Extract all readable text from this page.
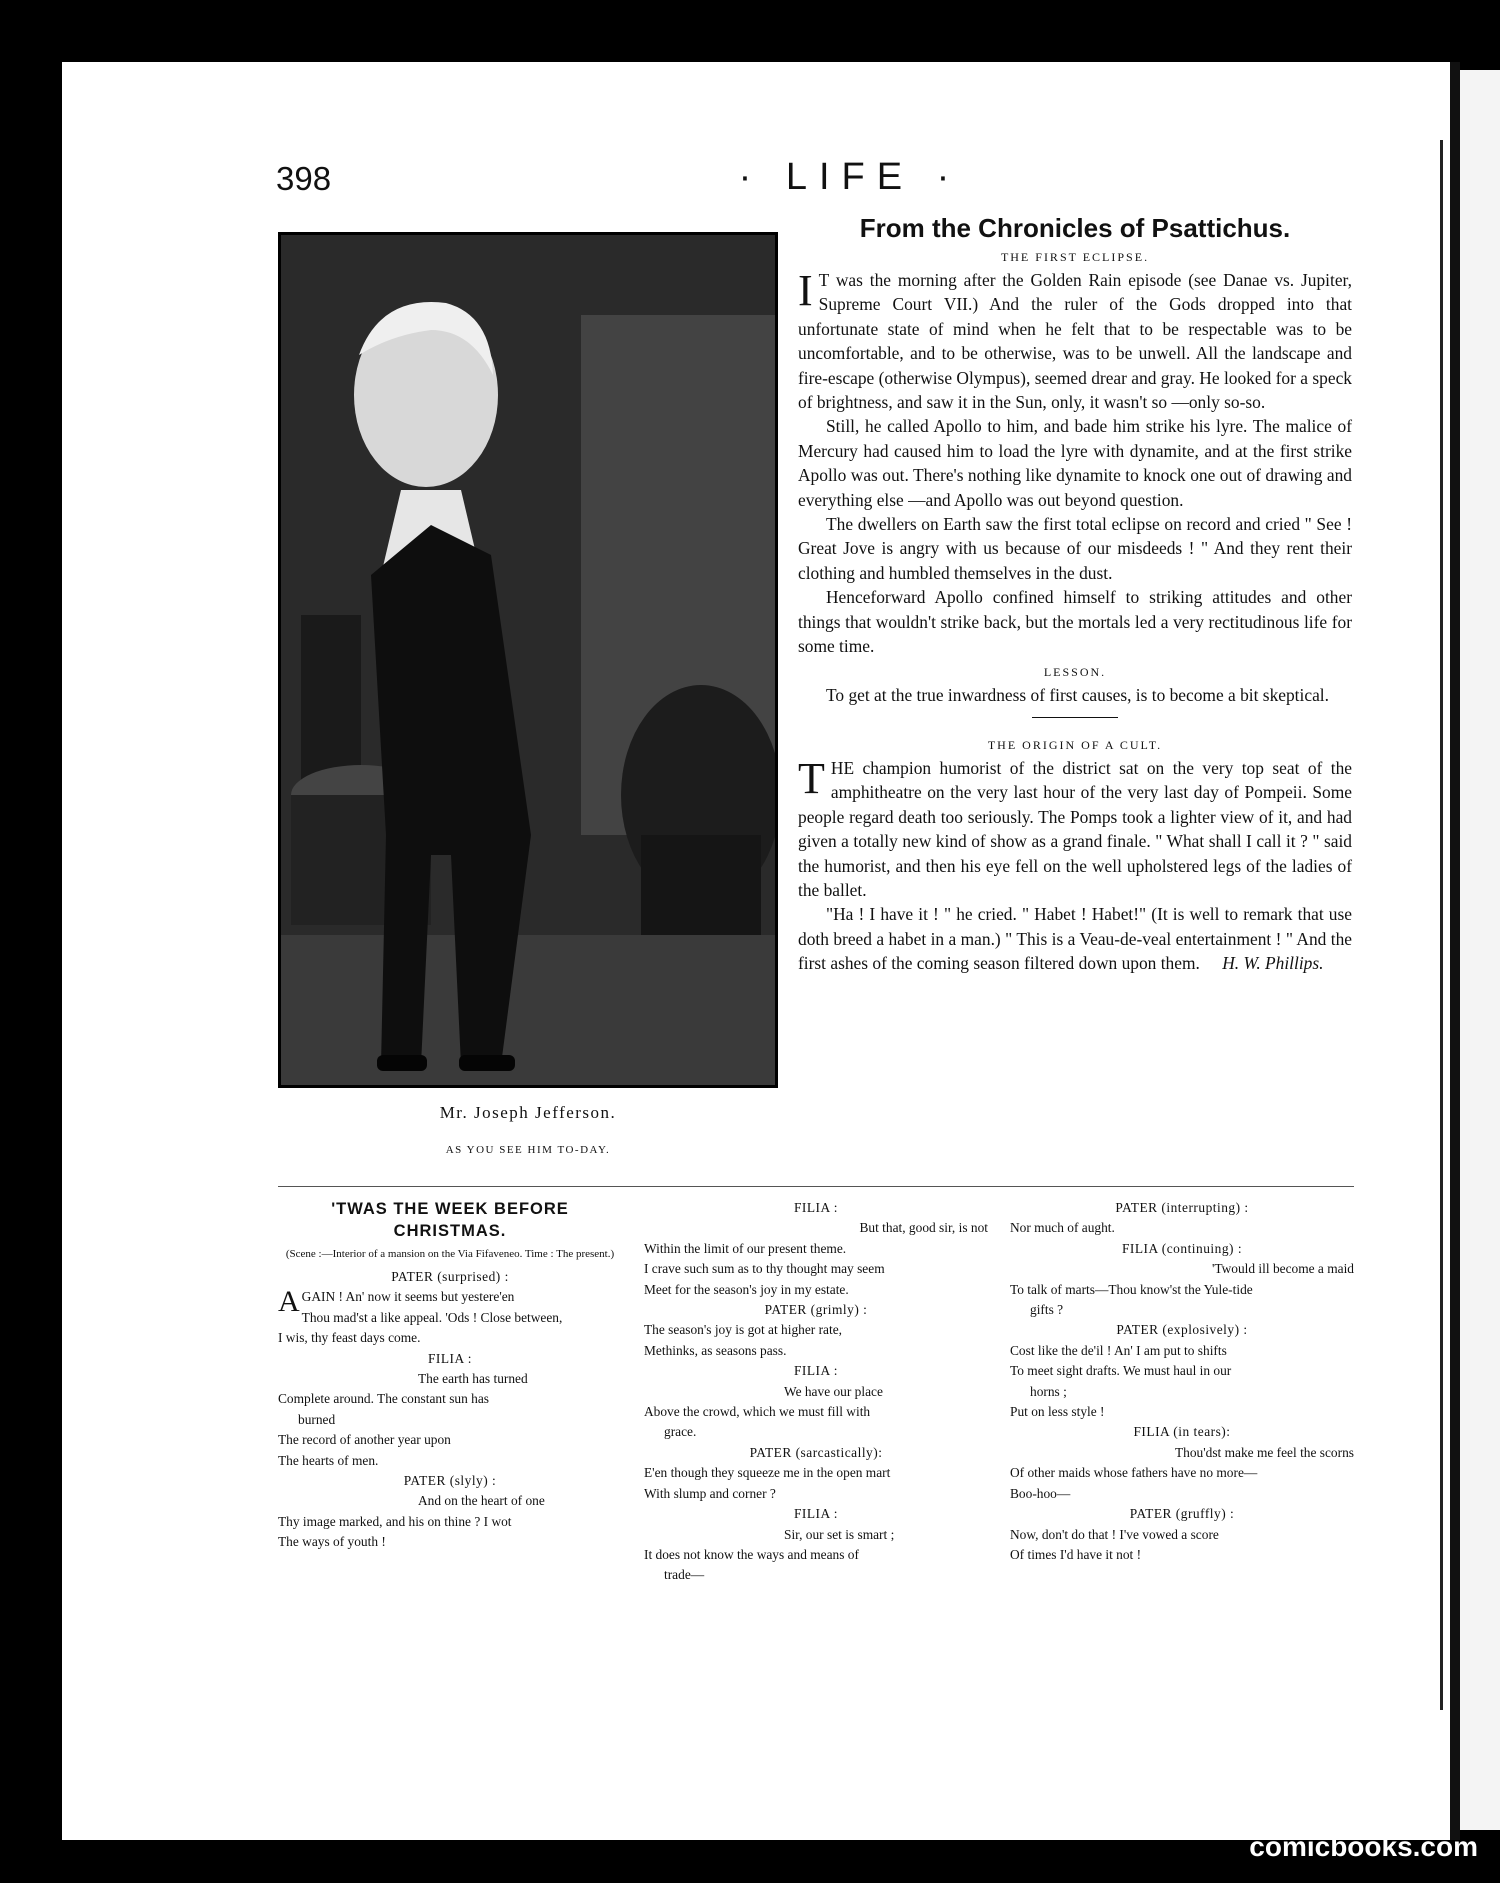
398	· LIFE ·
Mr. Joseph Jefferson.
AS YOU SEE HIM TO-DAY.
From the Chronicles of Psattichus.
THE FIRST ECLIPSE.

I T was the morning after the Golden Rain episode (see Danae vs. Jupiter, Supreme Court VII.) And the ruler of the Gods dropped into that unfortunate state of mind when he felt that to be respectable was to be uncomfortable, and to be otherwise, was to be unwell. All the landscape and fire-escape (otherwise Olympus), seemed drear and gray. He looked for a speck of brightness, and saw it in the Sun, only, it wasn't so —only so-so.

Still, he called Apollo to him, and bade him strike his lyre. The malice of Mercury had caused him to load the lyre with dynamite, and at the first strike Apollo was out. There's nothing like dynamite to knock one out of drawing and everything else —and Apollo was out beyond question.

The dwellers on Earth saw the first total eclipse on record and cried " See ! Great Jove is angry with us because of our misdeeds ! " And they rent their clothing and humbled themselves in the dust.

Henceforward Apollo confined himself to striking attitudes and other things that wouldn't strike back, but the mortals led a very rectitudinous life for some time.

LESSON.

To get at the true inwardness of first causes, is to become a bit skeptical.

THE ORIGIN OF A CULT.

THE champion humorist of the district sat on the very top seat of the amphitheatre on the very last hour of the very last day of Pompeii. Some people regard death too seriously. The Pomps took a lighter view of it, and had given a totally new kind of show as a grand finale. " What shall I call it ? " said the humorist, and then his eye fell on the well upholstered legs of the ladies of the ballet.

"Ha ! I have it ! " he cried. " Habet ! Habet!" (It is well to remark that use doth breed a habet in a man.) " This is a Veau-de-veal entertainment ! " And the first ashes of the coming season filtered down upon them. H. W. Phillips.

'TWAS THE WEEK BEFORE CHRISTMAS.
(Scene :—Interior of a mansion on the Via Fifaveneo. Time : The present.)
PATER (surprised) :
AGAIN ! An' now it seems but yestere'en
Thou mad'st a like appeal. 'Ods ! Close between,
I wis, thy feast days come.
FILIA :
The earth has turned
Complete around. The constant sun has
burned
The record of another year upon
The hearts of men.
PATER (slyly) :
And on the heart of one
Thy image marked, and his on thine ? I wot
The ways of youth !
FILIA :
But that, good sir, is not
Within the limit of our present theme.
I crave such sum as to thy thought may seem
Meet for the season's joy in my estate.
PATER (grimly) :
The season's joy is got at higher rate,
Methinks, as seasons pass.
FILIA :
We have our place
Above the crowd, which we must fill with
grace.
PATER (sarcastically):
E'en though they squeeze me in the open mart
With slump and corner ?
FILIA :
Sir, our set is smart ;
It does not know the ways and means of
trade—
PATER (interrupting) :
Nor much of aught.
FILIA (continuing) :
'Twould ill become a maid
To talk of marts—Thou know'st the Yule-tide
gifts ?
PATER (explosively) :
Cost like the de'il ! An' I am put to shifts
To meet sight drafts. We must haul in our
horns ;
Put on less style !
FILIA (in tears):
Thou'dst make me feel the scorns
Of other maids whose fathers have no more—
Boo-hoo—
PATER (gruffly) :
Now, don't do that ! I've vowed a score
Of times I'd have it not !
comicbooks.com
